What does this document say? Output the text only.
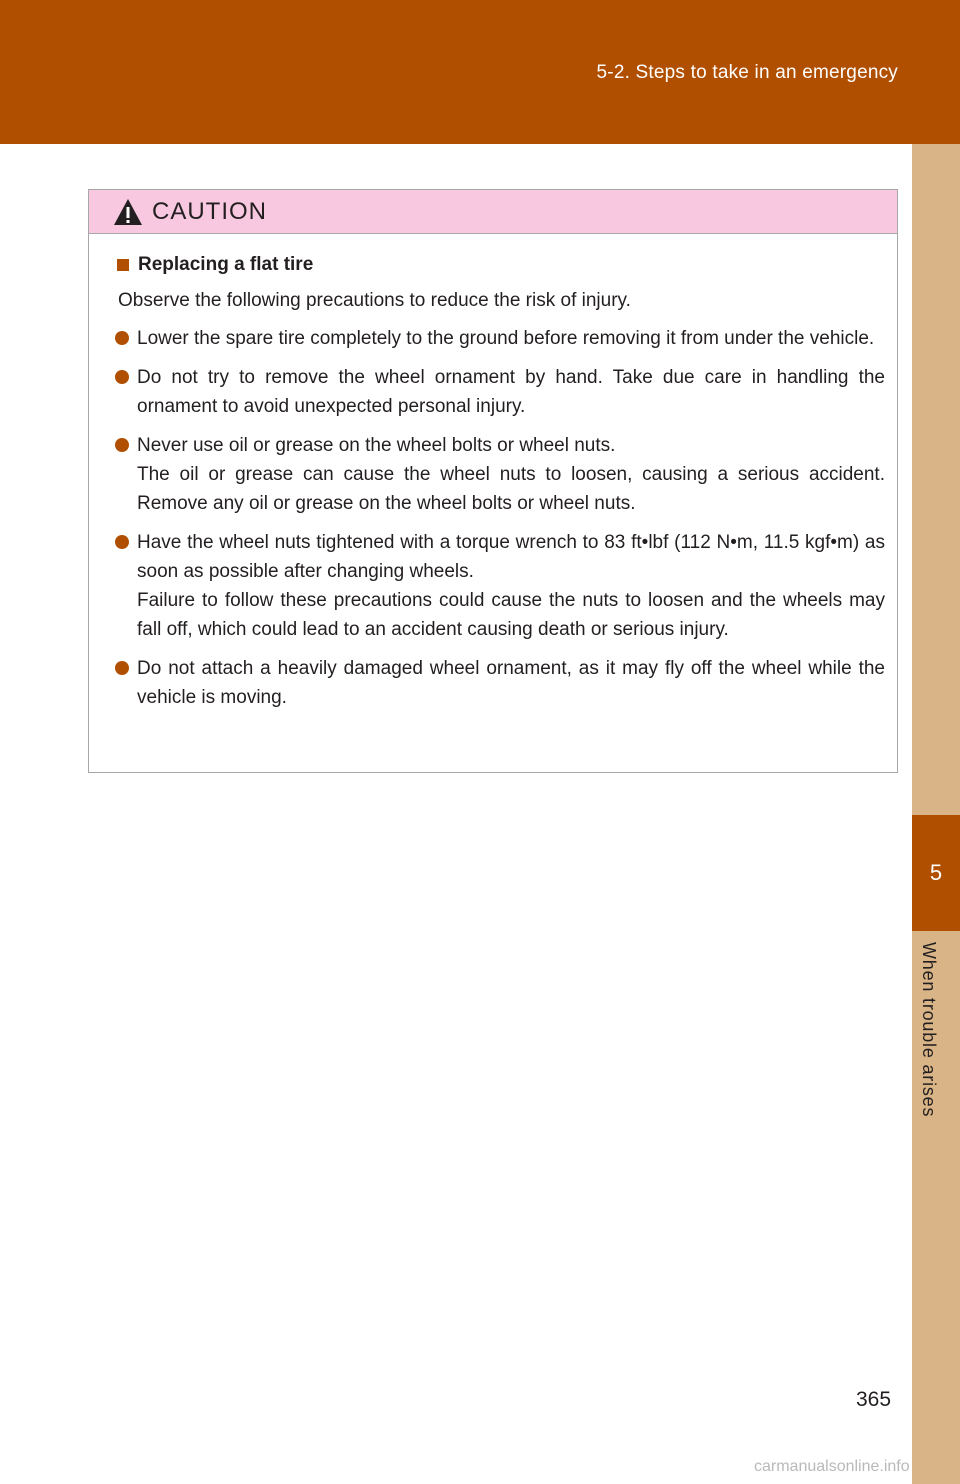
5-2. Steps to take in an emergency
5
When trouble arises
CAUTION
Replacing a flat tire
Observe the following precautions to reduce the risk of injury.

Lower the spare tire completely to the ground before removing it from under the vehicle.

Do not try to remove the wheel ornament by hand. Take due care in handling the ornament to avoid unexpected personal injury.

Never use oil or grease on the wheel bolts or wheel nuts.

The oil or grease can cause the wheel nuts to loosen, causing a serious accident. Remove any oil or grease on the wheel bolts or wheel nuts.

Have the wheel nuts tightened with a torque wrench to 83 ft•lbf (112 N•m, 11.5 kgf•m) as soon as possible after changing wheels.

Failure to follow these precautions could cause the nuts to loosen and the wheels may fall off, which could lead to an accident causing death or serious injury.

Do not attach a heavily damaged wheel ornament, as it may fly off the wheel while the vehicle is moving.

365
carmanualsonline.info
